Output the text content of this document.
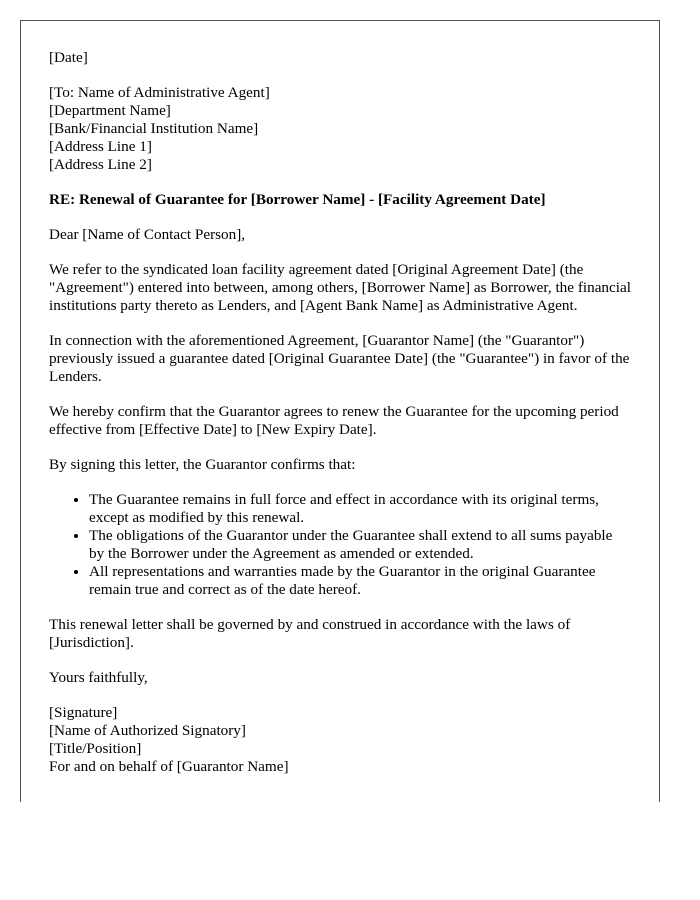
[Date]

[To: Name of Administrative Agent]
[Department Name]
[Bank/Financial Institution Name]
[Address Line 1]
[Address Line 2]

RE: Renewal of Guarantee for [Borrower Name] - [Facility Agreement Date]

Dear [Name of Contact Person],

We refer to the syndicated loan facility agreement dated [Original Agreement Date] (the "Agreement") entered into between, among others, [Borrower Name] as Borrower, the financial institutions party thereto as Lenders, and [Agent Bank Name] as Administrative Agent.

In connection with the aforementioned Agreement, [Guarantor Name] (the "Guarantor") previously issued a guarantee dated [Original Guarantee Date] (the "Guarantee") in favor of the Lenders.

We hereby confirm that the Guarantor agrees to renew the Guarantee for the upcoming period effective from [Effective Date] to [New Expiry Date].

By signing this letter, the Guarantor confirms that:

• The Guarantee remains in full force and effect in accordance with its original terms, except as modified by this renewal.
• The obligations of the Guarantor under the Guarantee shall extend to all sums payable by the Borrower under the Agreement as amended or extended.
• All representations and warranties made by the Guarantor in the original Guarantee remain true and correct as of the date hereof.

This renewal letter shall be governed by and construed in accordance with the laws of [Jurisdiction].

Yours faithfully,

[Signature]
[Name of Authorized Signatory]
[Title/Position]
For and on behalf of [Guarantor Name]
